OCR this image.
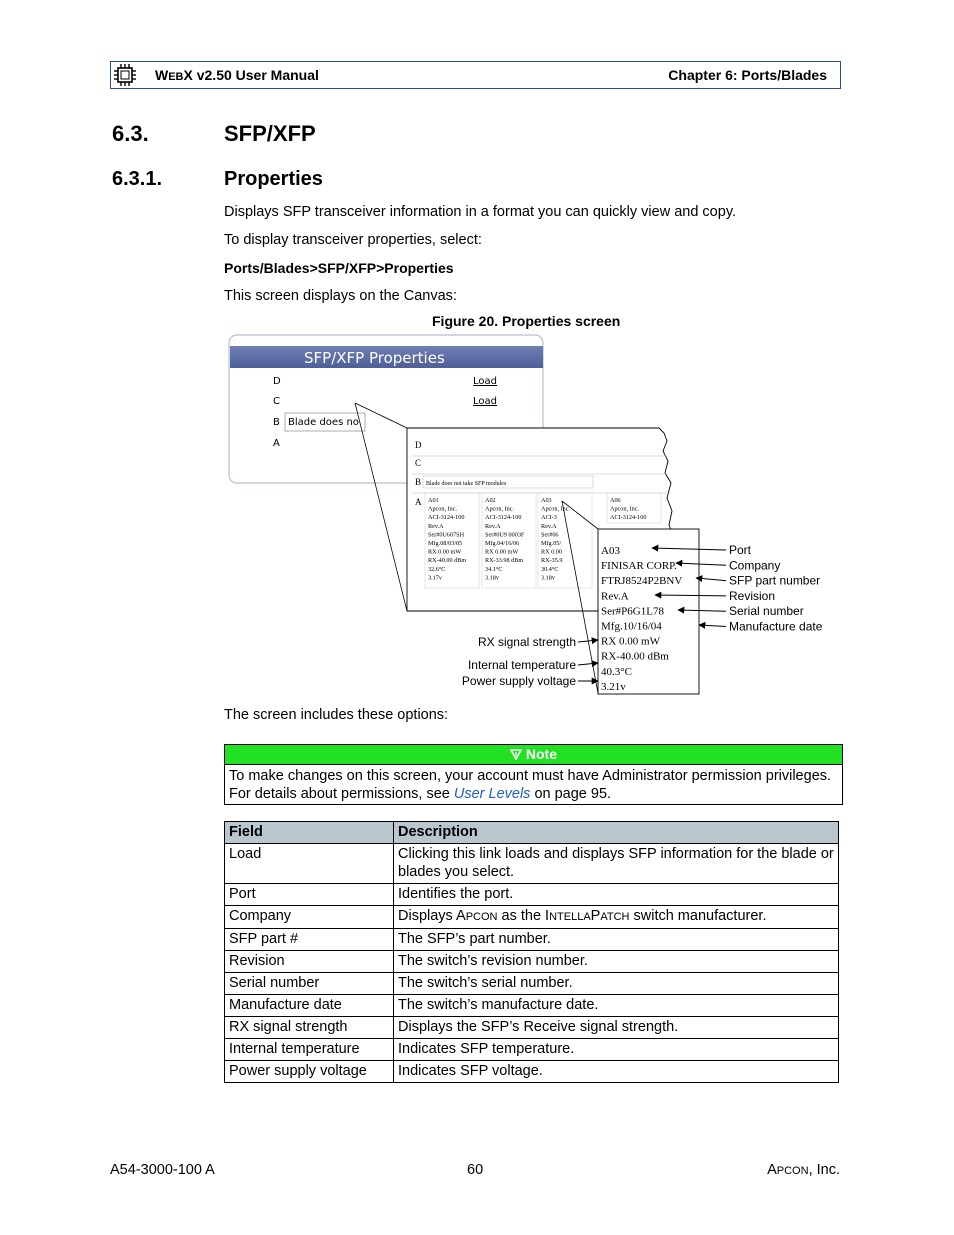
WEBX v2.50 User Manual	Chapter 6: Ports/Blades
6.3.	SFP/XFP
6.3.1.	Properties
Displays SFP transceiver information in a format you can quickly view and copy.
To display transceiver properties, select:
Ports/Blades>SFP/XFP>Properties
This screen displays on the Canvas:
Figure 20. Properties screen
SFP/XFP Properties
D
C
B
A
Load
Load
Blade does no
D
C
B
A
Blade does not take SFP modules
A01
Apcon, Inc.
ACI-3124-100
Rev.A
Ser#0U607SH
Mfg.08/03/05
RX 0.00 mW
RX-40.00 dBm
32.6°C
3.17v
A02
Apcon, Inc.
ACI-3124-100
Rev.A
Ser#0U9 0003F
Mfg.04/16/06
RX 0.00 mW
RX-33.98 dBm
34.1°C
3.18v
A03
Apcon, Inc.
ACI-3
Rev.A
Ser#06
Mfg.05/
RX 0.00
RX-35.9
30.4°C
3.18v
A06
Apcon, Inc.
ACI-3124-100
A03
FINISAR CORP.
FTRJ8524P2BNV
Rev.A
Ser#P6G1L78
Mfg.10/16/04
RX 0.00 mW
RX-40.00 dBm
40.3°C
3.21v
Port
Company
SFP part number
Revision
Serial number
Manufacture date
RX signal strength
Internal temperature
Power supply voltage
The screen includes these options:
Note
To make changes on this screen, your account must have Administrator permission privileges. For details about permissions, see User Levels on page 95.
Field	Description
Load	Clicking this link loads and displays SFP information for the blade or blades you select.
Port	Identifies the port.
Company	Displays APCON as the INTELLAPATCH switch manufacturer.
SFP part #	The SFP’s part number.
Revision	The switch’s revision number.
Serial number	The switch’s serial number.
Manufacture date	The switch’s manufacture date.
RX signal strength	Displays the SFP’s Receive signal strength.
Internal temperature	Indicates SFP temperature.
Power supply voltage	Indicates SFP voltage.
A54-3000-100 A	60	APCON, Inc.
